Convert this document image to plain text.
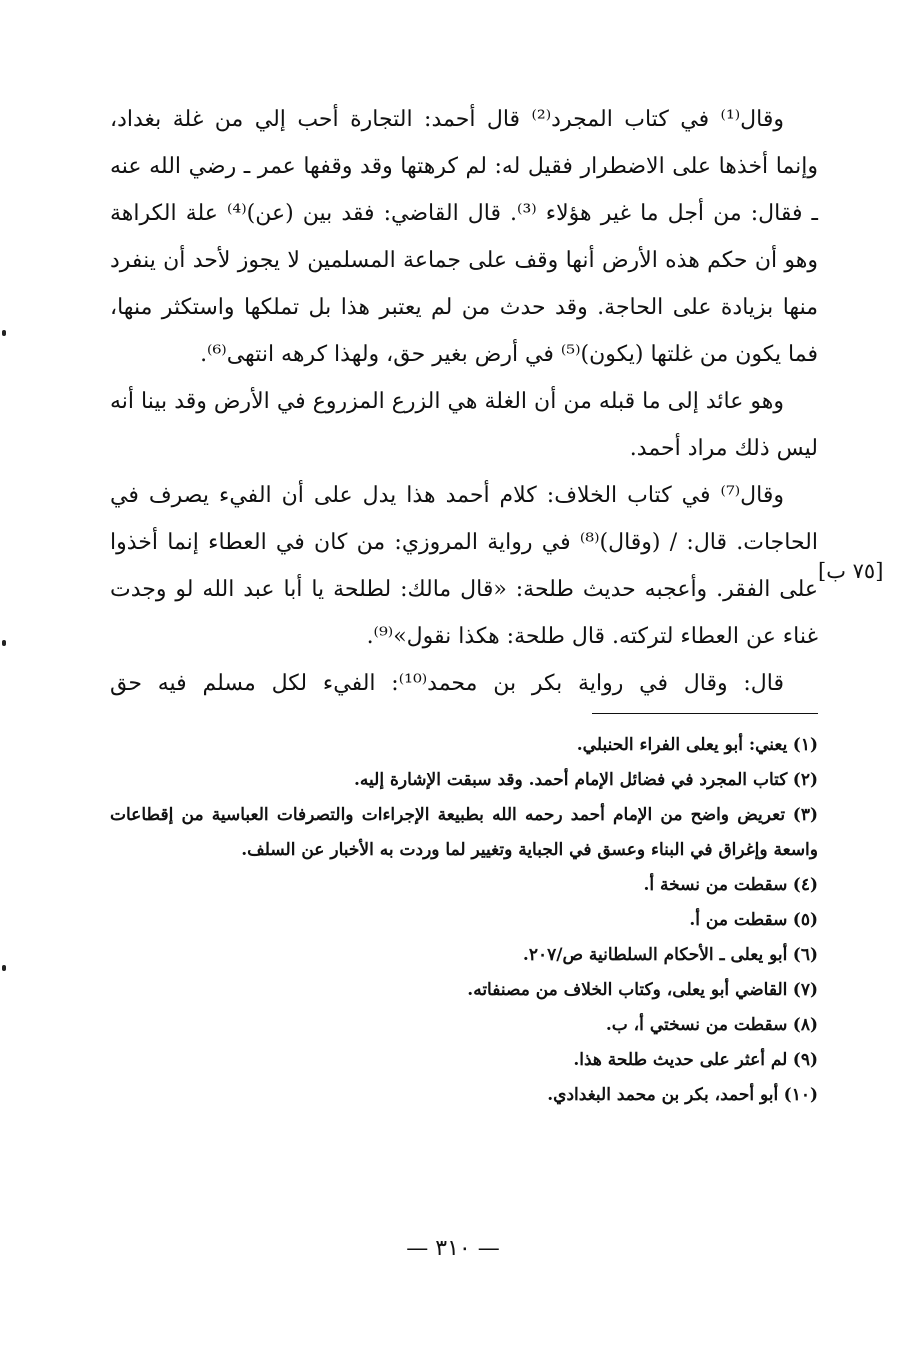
وقال⁽¹⁾ في كتاب المجرد⁽²⁾ قال أحمد: التجارة أحب إلي من غلة بغداد، وإنما أخذها على الاضطرار فقيل له: لم كرهتها وقد وقفها عمر ـ رضي الله عنه ـ فقال: من أجل ما غير هؤلاء ⁽³⁾. قال القاضي: فقد بين (عن)⁽⁴⁾ علة الكراهة وهو أن حكم هذه الأرض أنها وقف على جماعة المسلمين لا يجوز لأحد أن ينفرد منها بزيادة على الحاجة. وقد حدث من لم يعتبر هذا بل تملكها واستكثر منها، فما يكون من غلتها (يكون)⁽⁵⁾ في أرض بغير حق، ولهذا كرهه انتهى⁽⁶⁾.

وهو عائد إلى ما قبله من أن الغلة هي الزرع المزروع في الأرض وقد بينا أنه ليس ذلك مراد أحمد.

وقال⁽⁷⁾ في كتاب الخلاف: كلام أحمد هذا يدل على أن الفيء يصرف في الحاجات. قال: / (وقال)⁽⁸⁾ في رواية المروزي: من كان في العطاء إنما أخذوا على الفقر. وأعجبه حديث طلحة: «قال مالك: لطلحة يا أبا عبد الله لو وجدت غناء عن العطاء لتركته. قال طلحة: هكذا نقول»⁽⁹⁾.

قال: وقال في رواية بكر بن محمد⁽¹⁰⁾: الفيء لكل مسلم فيه حق

(١) يعني: أبو يعلى الفراء الحنبلي.
(٢) كتاب المجرد في فضائل الإمام أحمد. وقد سبقت الإشارة إليه.
(٣) تعريض واضح من الإمام أحمد رحمه الله بطبيعة الإجراءات والتصرفات العباسية من إقطاعات واسعة وإغراق في البناء وعسق في الجباية وتغيير لما وردت به الأخبار عن السلف.
(٤) سقطت من نسخة أ.
(٥) سقطت من أ.
(٦) أبو يعلى ـ الأحكام السلطانية ص/٢٠٧.
(٧) القاضي أبو يعلى، وكتاب الخلاف من مصنفاته.
(٨) سقطت من نسختي أ، ب.
(٩) لم أعثر على حديث طلحة هذا.
(١٠) أبو أحمد، بكر بن محمد البغدادي.
[٧٥ ب]
— ٣١٠ —
